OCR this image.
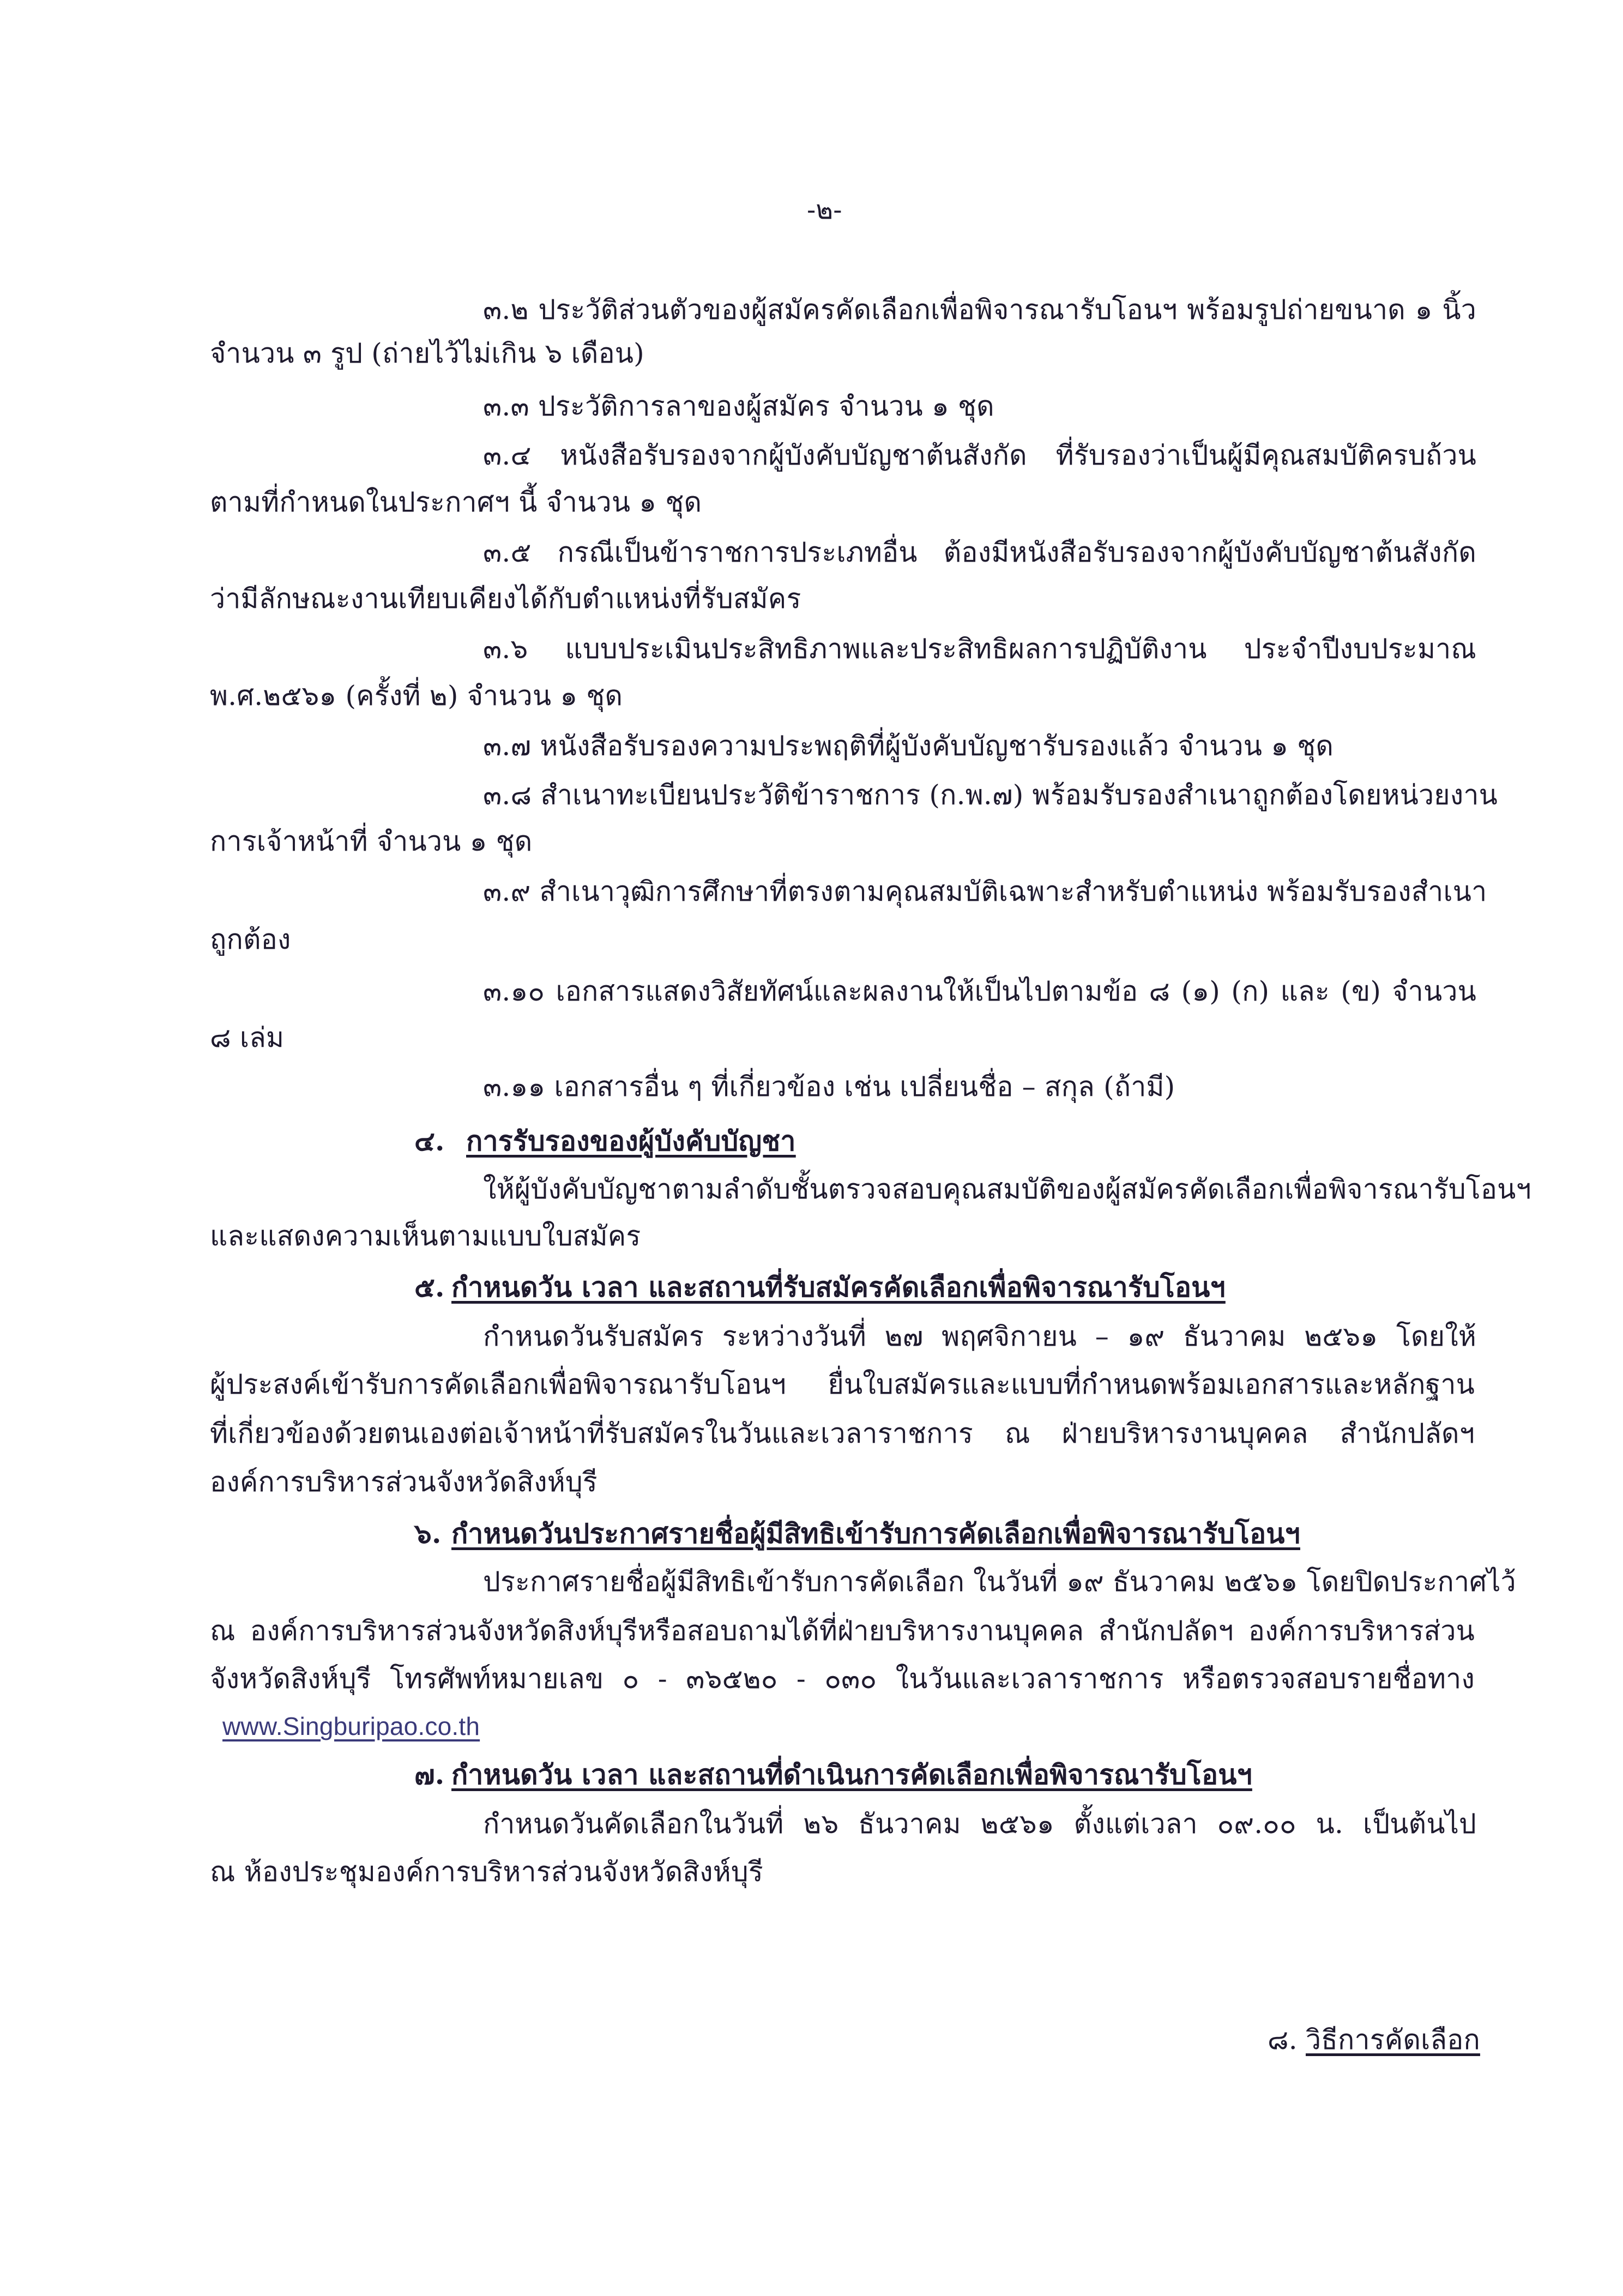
-๒-
๓.๒ ประวัติส่วนตัวของผู้สมัครคัดเลือกเพื่อพิจารณารับโอนฯ พร้อมรูปถ่ายขนาด ๑ นิ้ว
จำนวน ๓ รูป (ถ่ายไว้ไม่เกิน ๖ เดือน)
๓.๓ ประวัติการลาของผู้สมัคร จำนวน ๑ ชุด
๓.๔ หนังสือรับรองจากผู้บังคับบัญชาต้นสังกัด ที่รับรองว่าเป็นผู้มีคุณสมบัติครบถ้วน
ตามที่กำหนดในประกาศฯ นี้ จำนวน ๑ ชุด
๓.๕ กรณีเป็นข้าราชการประเภทอื่น ต้องมีหนังสือรับรองจากผู้บังคับบัญชาต้นสังกัด
ว่ามีลักษณะงานเทียบเคียงได้กับตำแหน่งที่รับสมัคร
๓.๖ แบบประเมินประสิทธิภาพและประสิทธิผลการปฏิบัติงาน ประจำปีงบประมาณ
พ.ศ.๒๕๖๑ (ครั้งที่ ๒) จำนวน ๑ ชุด
๓.๗ หนังสือรับรองความประพฤติที่ผู้บังคับบัญชารับรองแล้ว จำนวน ๑ ชุด
๓.๘ สำเนาทะเบียนประวัติข้าราชการ (ก.พ.๗) พร้อมรับรองสำเนาถูกต้องโดยหน่วยงาน
การเจ้าหน้าที่ จำนวน ๑ ชุด
๓.๙ สำเนาวุฒิการศึกษาที่ตรงตามคุณสมบัติเฉพาะสำหรับตำแหน่ง พร้อมรับรองสำเนา
ถูกต้อง
๓.๑๐ เอกสารแสดงวิสัยทัศน์และผลงานให้เป็นไปตามข้อ ๘ (๑) (ก) และ (ข) จำนวน
๘ เล่ม
๓.๑๑ เอกสารอื่น ๆ ที่เกี่ยวข้อง เช่น เปลี่ยนชื่อ – สกุล (ถ้ามี)
๔. การรับรองของผู้บังคับบัญชา
ให้ผู้บังคับบัญชาตามลำดับชั้นตรวจสอบคุณสมบัติของผู้สมัครคัดเลือกเพื่อพิจารณารับโอนฯ
และแสดงความเห็นตามแบบใบสมัคร
๕. กำหนดวัน เวลา และสถานที่รับสมัครคัดเลือกเพื่อพิจารณารับโอนฯ
กำหนดวันรับสมัคร ระหว่างวันที่ ๒๗ พฤศจิกายน – ๑๙ ธันวาคม ๒๕๖๑ โดยให้
ผู้ประสงค์เข้ารับการคัดเลือกเพื่อพิจารณารับโอนฯ ยื่นใบสมัครและแบบที่กำหนดพร้อมเอกสารและหลักฐาน
ที่เกี่ยวข้องด้วยตนเองต่อเจ้าหน้าที่รับสมัครในวันและเวลาราชการ ณ ฝ่ายบริหารงานบุคคล สำนักปลัดฯ
องค์การบริหารส่วนจังหวัดสิงห์บุรี
๖. กำหนดวันประกาศรายชื่อผู้มีสิทธิเข้ารับการคัดเลือกเพื่อพิจารณารับโอนฯ
ประกาศรายชื่อผู้มีสิทธิเข้ารับการคัดเลือก ในวันที่ ๑๙ ธันวาคม ๒๕๖๑ โดยปิดประกาศไว้
ณ องค์การบริหารส่วนจังหวัดสิงห์บุรีหรือสอบถามได้ที่ฝ่ายบริหารงานบุคคล สำนักปลัดฯ องค์การบริหารส่วน
จังหวัดสิงห์บุรี โทรศัพท์หมายเลข ๐ - ๓๖๕๒๐ - ๐๓๐ ในวันและเวลาราชการ หรือตรวจสอบรายชื่อทาง
www.Singburipao.co.th
๗. กำหนดวัน เวลา และสถานที่ดำเนินการคัดเลือกเพื่อพิจารณารับโอนฯ
กำหนดวันคัดเลือกในวันที่ ๒๖ ธันวาคม ๒๕๖๑ ตั้งแต่เวลา ๐๙.๐๐ น. เป็นต้นไป
ณ ห้องประชุมองค์การบริหารส่วนจังหวัดสิงห์บุรี
๘. วิธีการคัดเลือก
